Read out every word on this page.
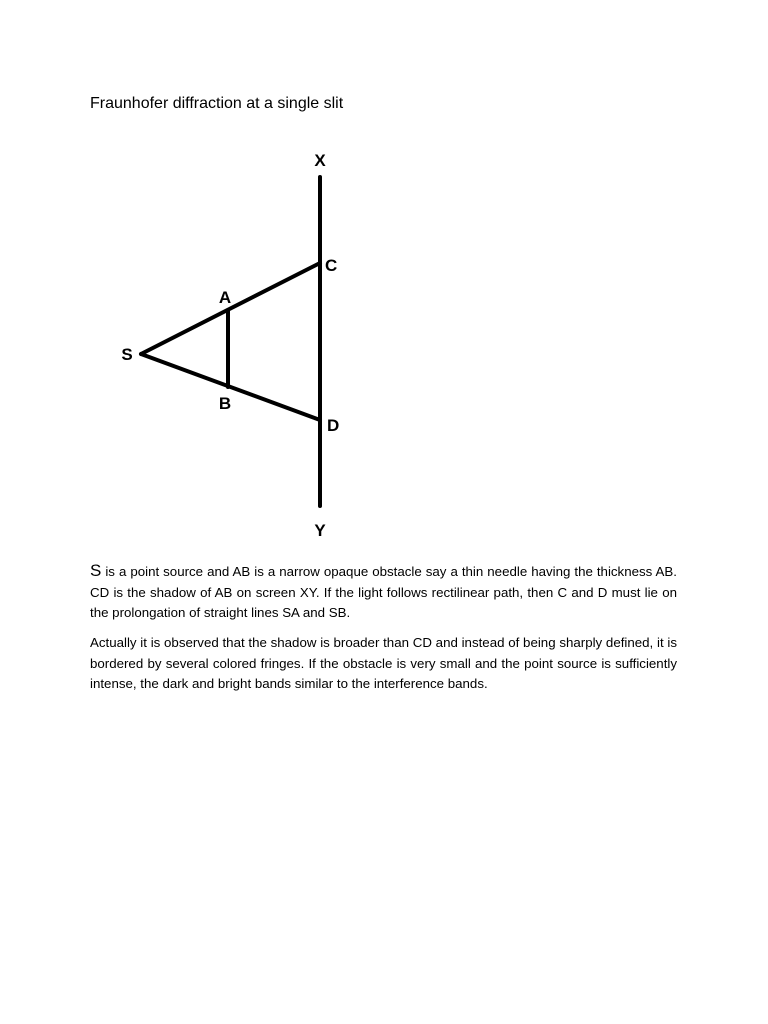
Fraunhofer diffraction at a single slit
X
C
A
S
B
D
Y

S is a point source and AB is a narrow opaque obstacle say a thin needle having the thickness AB. CD is the shadow of AB on screen XY. If the light follows rectilinear path, then C and D must lie on the prolongation of straight lines SA and SB.

Actually it is observed that the shadow is broader than CD and instead of being sharply defined, it is bordered by several colored fringes. If the obstacle is very small and the point source is sufficiently intense, the dark and bright bands similar to the interference bands.
